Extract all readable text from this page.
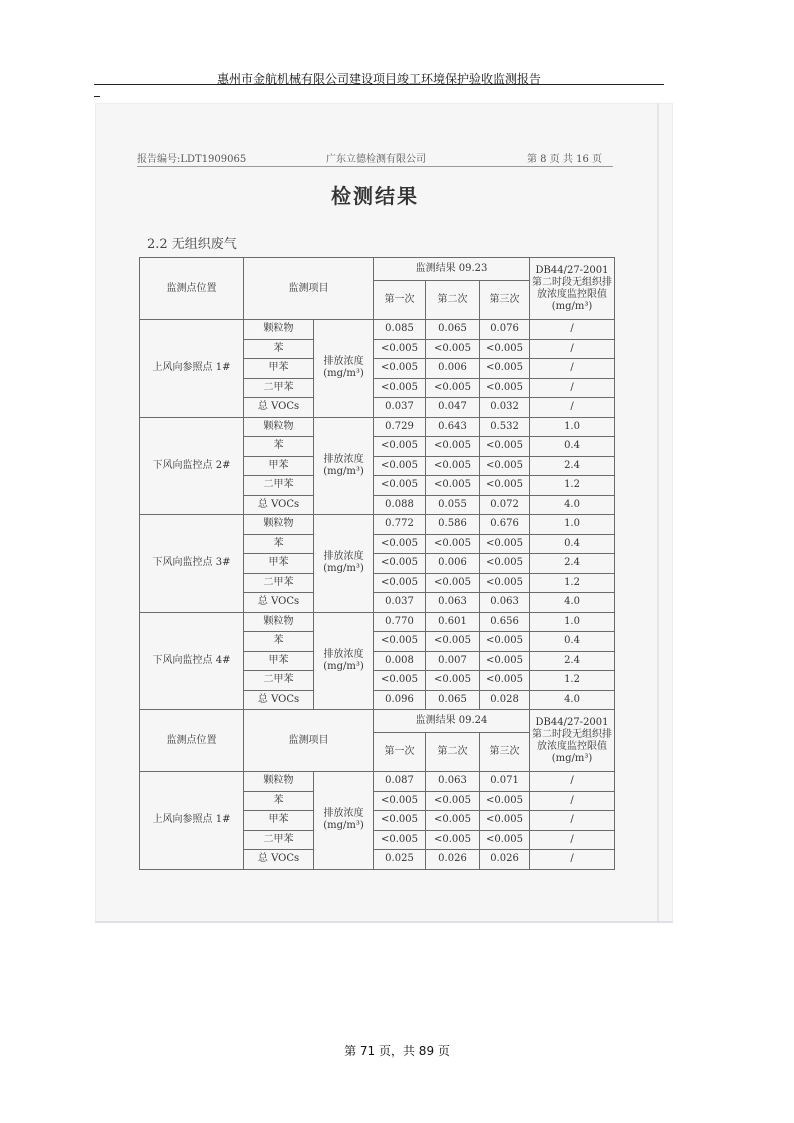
惠州市金航机械有限公司建设项目竣工环境保护验收监测报告
报告编号:LDT1909065	广东立德检测有限公司	第 8 页 共 16 页
检测结果
2.2 无组织废气
监测点位置	监测项目		监测结果 09.23			DB44/27-2001 第二时段无组织排放浓度监控限值(mg/m³)
			第一次	第二次	第三次	
上风向参照点 1#	颗粒物	排放浓度(mg/m³)	0.085	0.065	0.076	/
	苯		<0.005	<0.005	<0.005	/
	甲苯		<0.005	0.006	<0.005	/
	二甲苯		<0.005	<0.005	<0.005	/
	总 VOCs		0.037	0.047	0.032	/
下风向监控点 2#	颗粒物	排放浓度(mg/m³)	0.729	0.643	0.532	1.0
	苯		<0.005	<0.005	<0.005	0.4
	甲苯		<0.005	<0.005	<0.005	2.4
	二甲苯		<0.005	<0.005	<0.005	1.2
	总 VOCs		0.088	0.055	0.072	4.0
下风向监控点 3#	颗粒物	排放浓度(mg/m³)	0.772	0.586	0.676	1.0
	苯		<0.005	<0.005	<0.005	0.4
	甲苯		<0.005	0.006	<0.005	2.4
	二甲苯		<0.005	<0.005	<0.005	1.2
	总 VOCs		0.037	0.063	0.063	4.0
下风向监控点 4#	颗粒物	排放浓度(mg/m³)	0.770	0.601	0.656	1.0
	苯		<0.005	<0.005	<0.005	0.4
	甲苯		0.008	0.007	<0.005	2.4
	二甲苯		<0.005	<0.005	<0.005	1.2
	总 VOCs		0.096	0.065	0.028	4.0
监测点位置	监测项目		监测结果 09.24			DB44/27-2001 第二时段无组织排放浓度监控限值(mg/m³)
			第一次	第二次	第三次	
上风向参照点 1#	颗粒物	排放浓度(mg/m³)	0.087	0.063	0.071	/
	苯		<0.005	<0.005	<0.005	/
	甲苯		<0.005	<0.005	<0.005	/
	二甲苯		<0.005	<0.005	<0.005	/
	总 VOCs		0.025	0.026	0.026	/
第 71 页，共 89 页
